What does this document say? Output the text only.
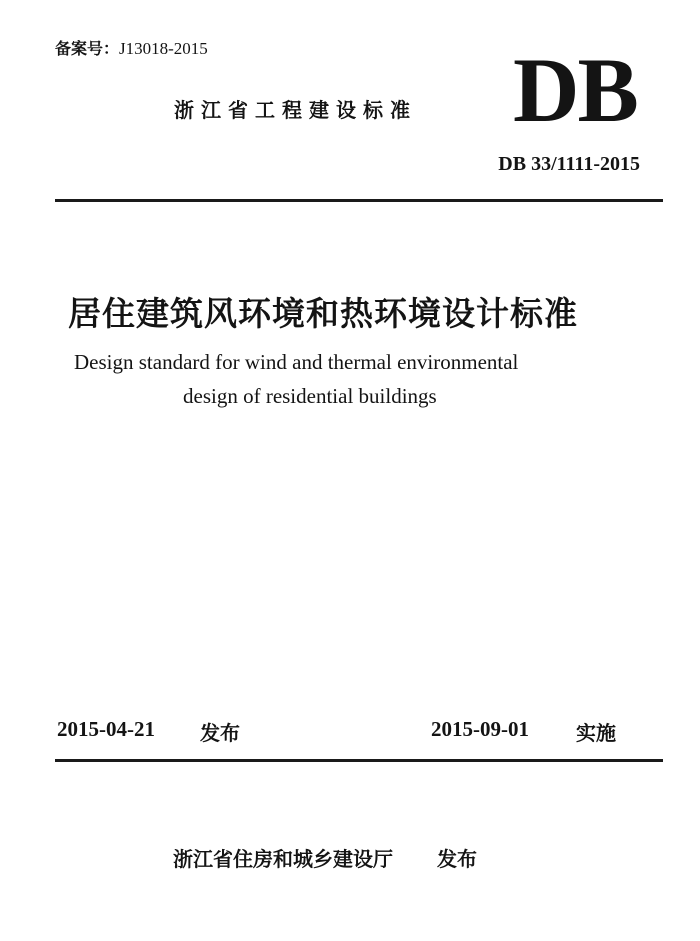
备案号：J13018-2015
浙江省工程建设标准 DB
DB 33/1111-2015
居住建筑风环境和热环境设计标准
Design standard for wind and thermal environmental
design of residential buildings
2015-04-21 发布	2015-09-01 实施
浙江省住房和城乡建设厅 发布
